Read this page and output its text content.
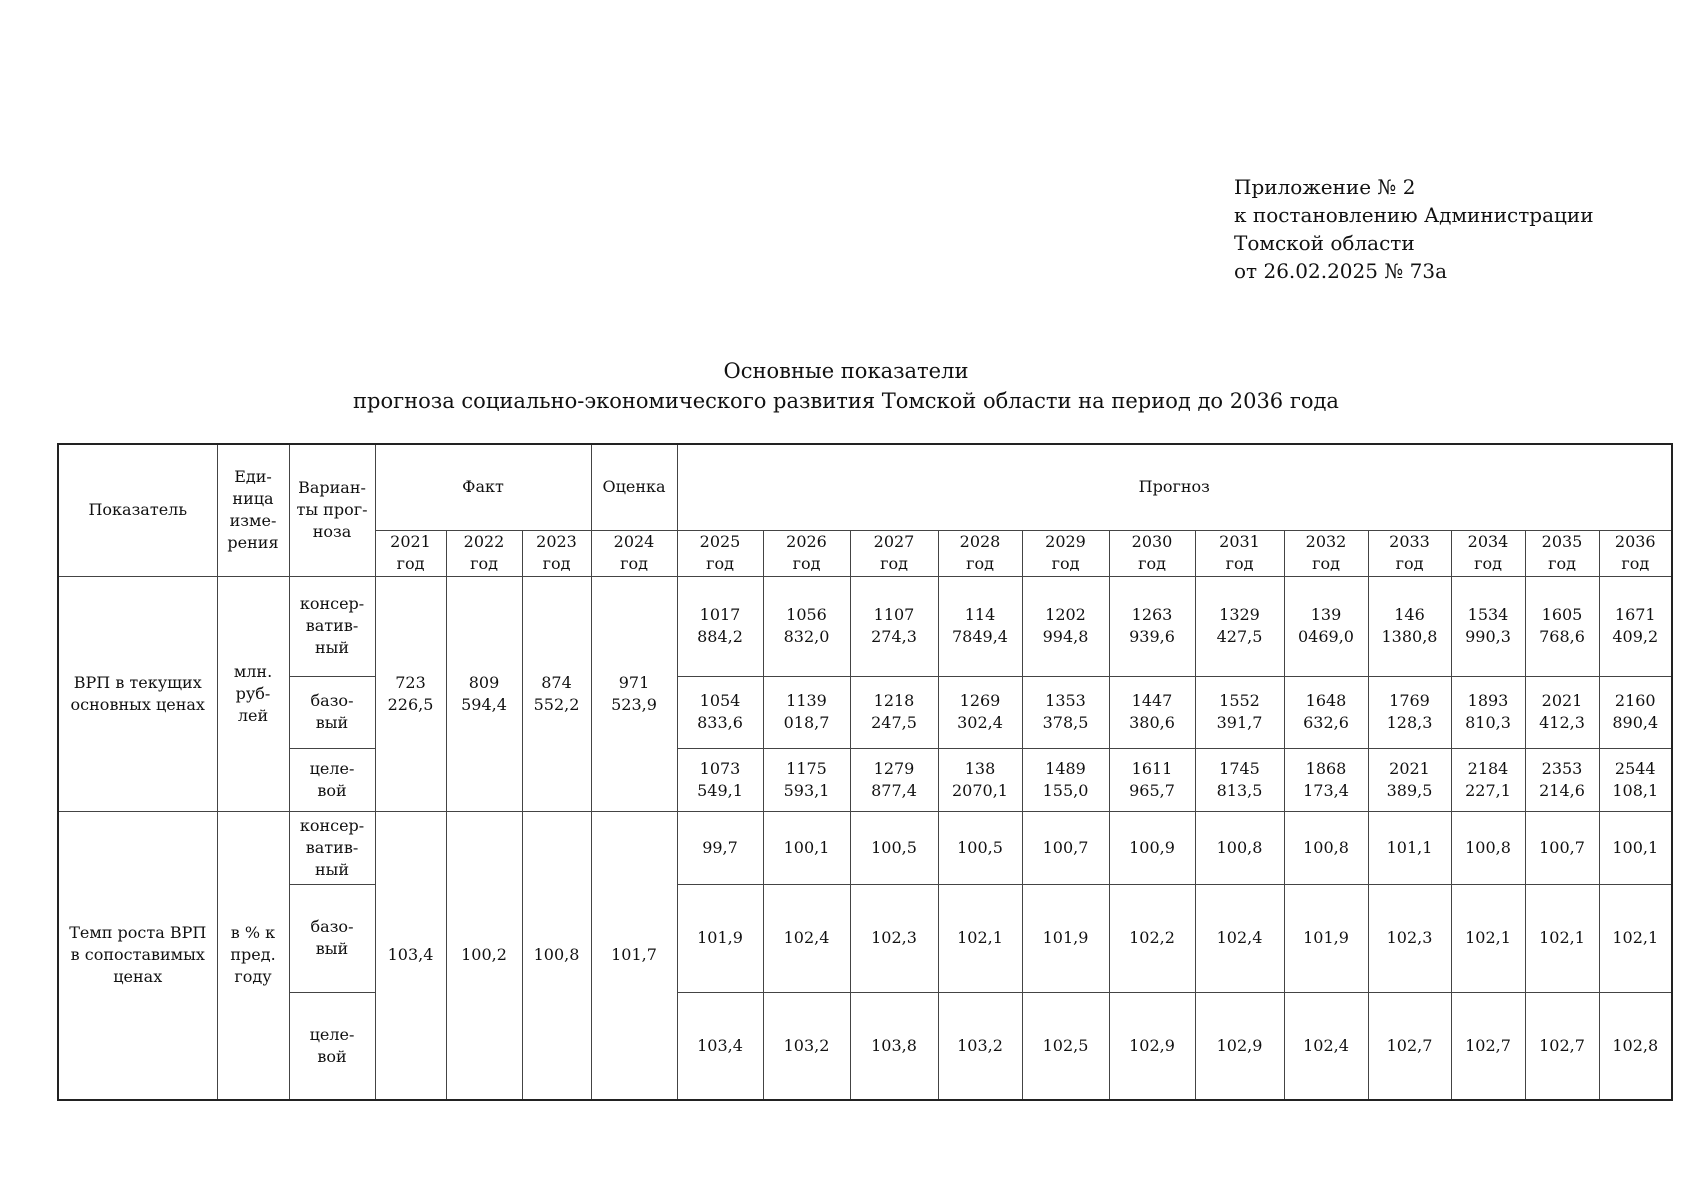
Приложение № 2
к постановлению Администрации
Томской области
от 26.02.2025 № 73а
Основные показатели
прогноза социально-экономического развития Томской области на период до 2036 года
Показатель	Еди-
ница
изме-
рения	Вариан-
ты прог-
ноза	Факт			Оценка	Прогноз											
			2021
год	2022
год	2023
год	2024
год	2025
год	2026
год	2027
год	2028
год	2029
год	2030
год	2031
год	2032
год	2033
год	2034
год	2035
год	2036
год
ВРП в текущих
основных ценах	млн.
руб-
лей	консер-
ватив-
ный	723
226,5	809
594,4	874
552,2	971
523,9	1017
884,2	1056
832,0	1107
274,3	114
7849,4	1202
994,8	1263
939,6	1329
427,5	139
0469,0	146
1380,8	1534
990,3	1605
768,6	1671
409,2
		базо-
вый					1054
833,6	1139
018,7	1218
247,5	1269
302,4	1353
378,5	1447
380,6	1552
391,7	1648
632,6	1769
128,3	1893
810,3	2021
412,3	2160
890,4
		целе-
вой					1073
549,1	1175
593,1	1279
877,4	138
2070,1	1489
155,0	1611
965,7	1745
813,5	1868
173,4	2021
389,5	2184
227,1	2353
214,6	2544
108,1
Темп роста ВРП
в сопоставимых
ценах	в % к
пред.
году	консер-
ватив-
ный	103,4	100,2	100,8	101,7	99,7	100,1	100,5	100,5	100,7	100,9	100,8	100,8	101,1	100,8	100,7	100,1
		базо-
вый					101,9	102,4	102,3	102,1	101,9	102,2	102,4	101,9	102,3	102,1	102,1	102,1
		целе-
вой					103,4	103,2	103,8	103,2	102,5	102,9	102,9	102,4	102,7	102,7	102,7	102,8
